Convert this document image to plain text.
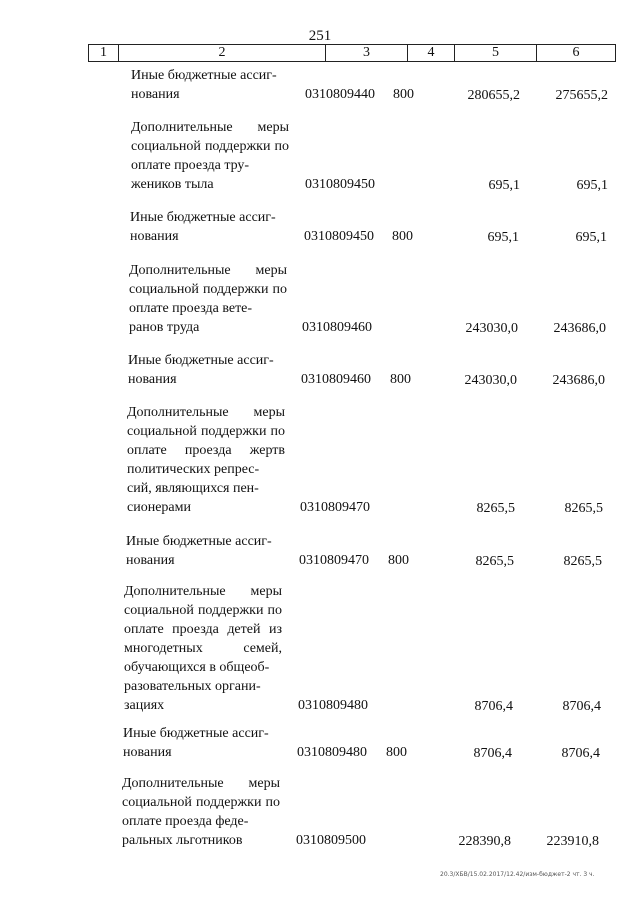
251
1	2	3	4	5	6
Иные бюджетные ассиг-
нования	0310809440 800	280655,2	275655,2
Дополнительные меры социальной поддержки по оплате проезда тру-
жеников тыла	0310809450	695,1	695,1
Иные бюджетные ассиг-
нования	0310809450 800	695,1	695,1
Дополнительные меры социальной поддержки по оплате проезда вете-
ранов труда	0310809460	243030,0	243686,0
Иные бюджетные ассиг-
нования	0310809460 800	243030,0	243686,0
Дополнительные меры социальной поддержки по оплате проезда жертв политических репрес-
сий, являющихся пен-
сионерами	0310809470	8265,5	8265,5
Иные бюджетные ассиг-
нования	0310809470 800	8265,5	8265,5
Дополнительные меры социальной поддержки по оплате проезда детей из многодетных семей, обучающихся в общеоб-
разовательных органи-
зациях	0310809480	8706,4	8706,4
Иные бюджетные ассиг-
нования	0310809480 800	8706,4	8706,4
Дополнительные меры социальной поддержки по оплате проезда феде-
ральных льготников	0310809500	228390,8	223910,8
20.3/ХБВ/15.02.2017/12.42/изм-бюджет-2 чт. 3 ч.
